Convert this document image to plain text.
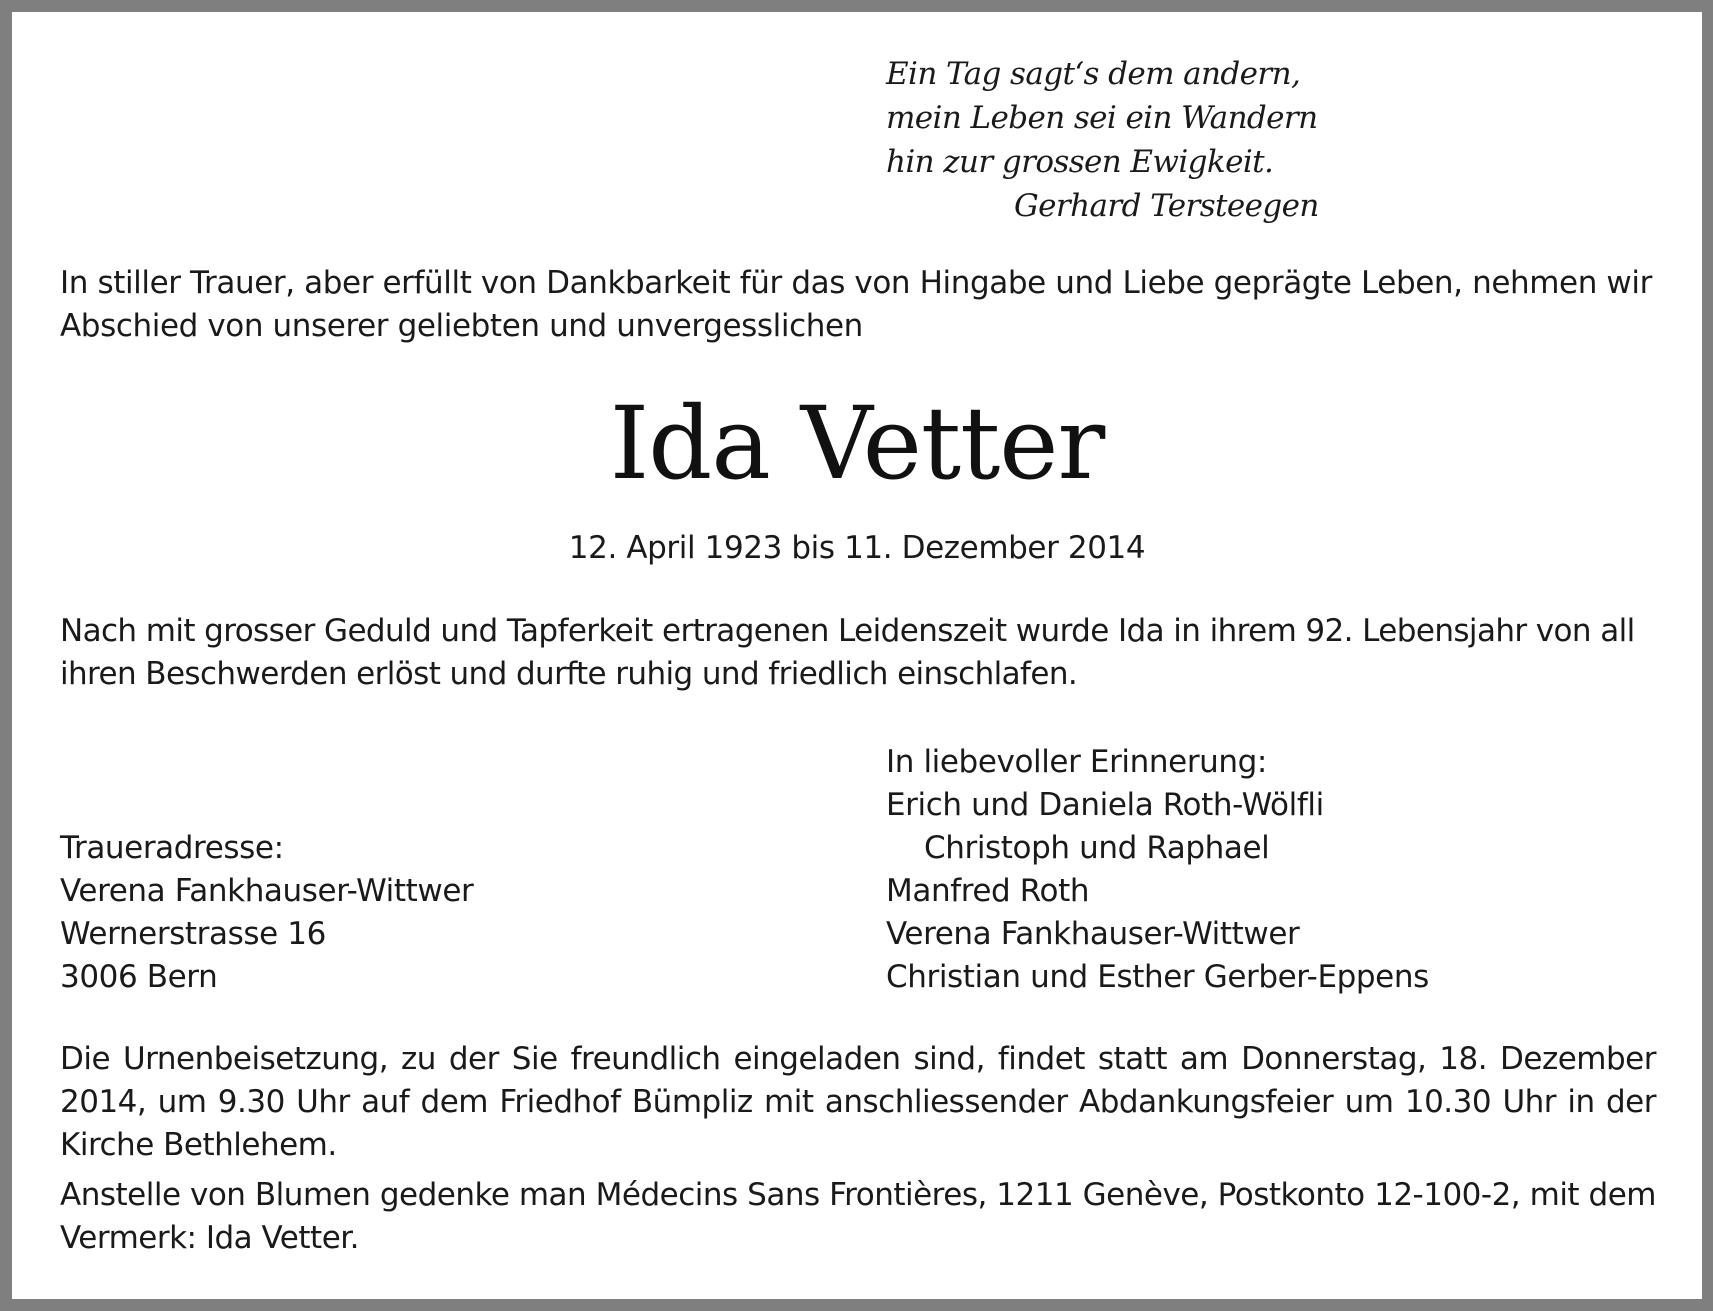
Ein Tag sagt‘s dem andern,
mein Leben sei ein Wandern
hin zur grossen Ewigkeit.
Gerhard Tersteegen

In stiller Trauer, aber erfüllt von Dankbarkeit für das von Hingabe und Liebe geprägte Leben, nehmen wir Abschied von unserer geliebten und unvergesslichen

Ida Vetter
12. April 1923 bis 11. Dezember 2014

Nach mit grosser Geduld und Tapferkeit ertragenen Leidenszeit wurde Ida in ihrem 92. Lebensjahr von all ihren Beschwerden erlöst und durfte ruhig und friedlich einschlafen.

Traueradresse:
Verena Fankhauser-Wittwer
Wernerstrasse 16
3006 Bern
In liebevoller Erinnerung:
Erich und Daniela Roth-Wölfli
Christoph und Raphael
Manfred Roth
Verena Fankhauser-Wittwer
Christian und Esther Gerber-Eppens

Die Urnenbeisetzung, zu der Sie freundlich eingeladen sind, findet statt am Donnerstag, 18. Dezember 2014, um 9.30 Uhr auf dem Friedhof Bümpliz mit anschliessender Abdankungsfeier um 10.30 Uhr in der Kirche Bethlehem.

Anstelle von Blumen gedenke man Médecins Sans Frontières, 1211 Genève, Postkonto 12-100-2, mit dem Vermerk: Ida Vetter.
